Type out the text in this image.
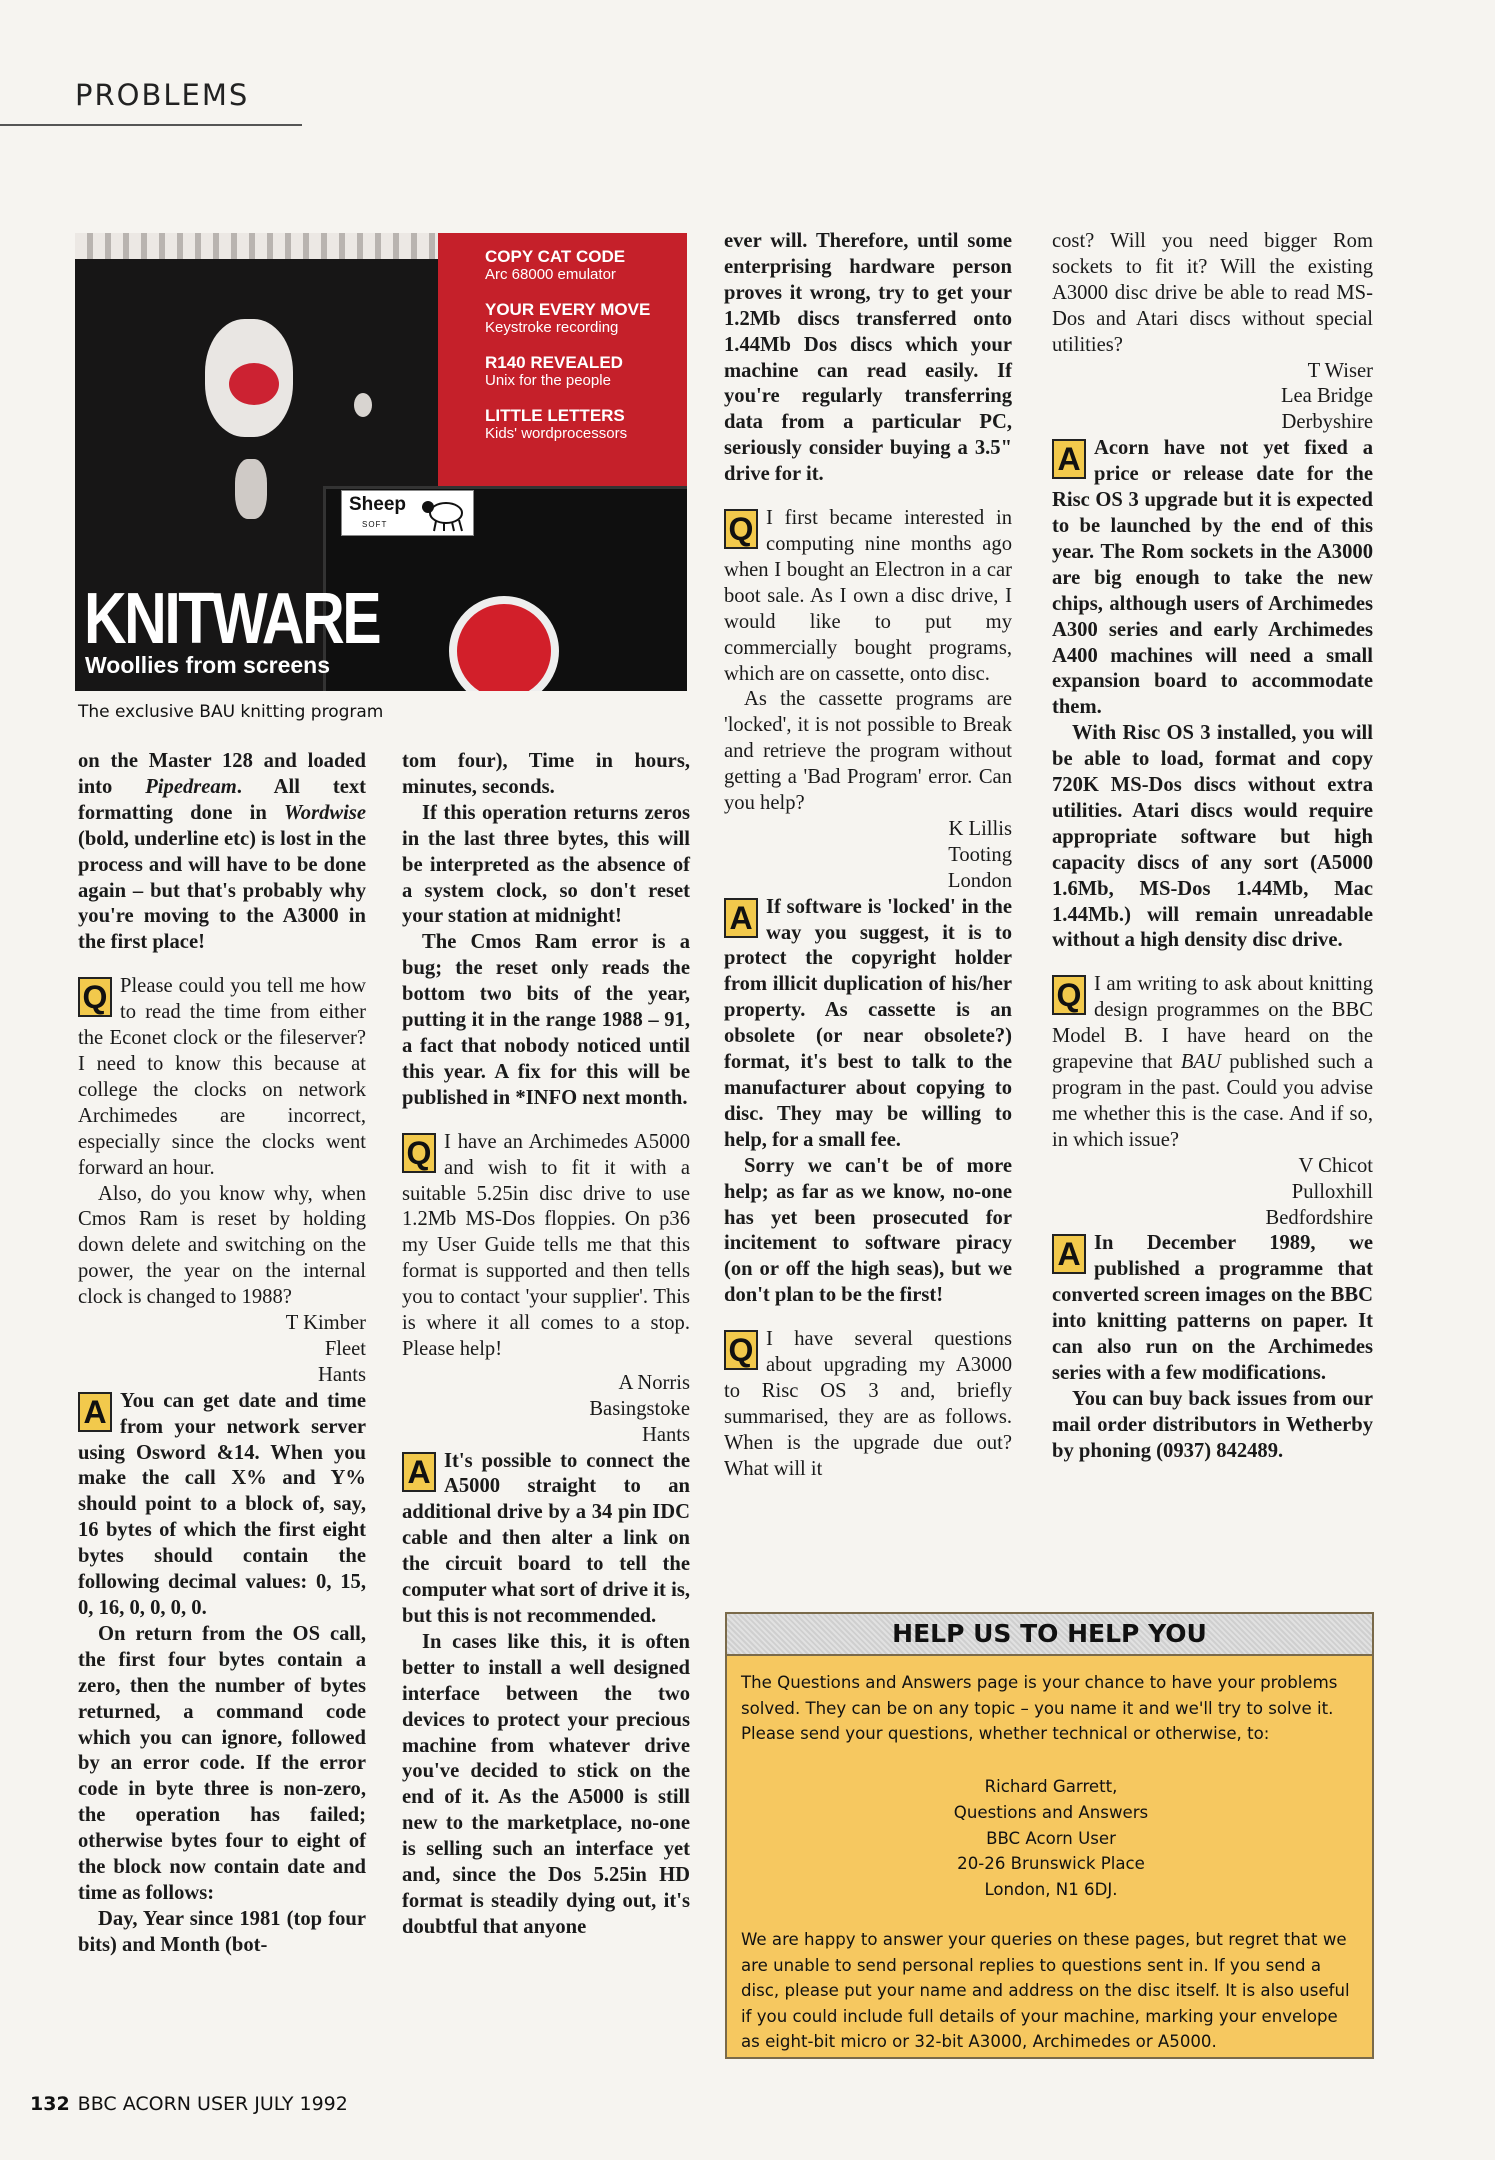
PROBLEMS
COPY CAT CODE
Arc 68000 emulator
YOUR EVERY MOVE
Keystroke recording
R140 REVEALED
Unix for the people
LITTLE LETTERS
Kids' wordprocessors
Sheep
SOFT
KNITWARE
Woollies from screens
The exclusive BAU knitting program

on the Master 128 and loaded into Pipedream. All text formatting done in Wordwise (bold, underline etc) is lost in the process and will have to be done again – but that's probably why you're moving to the A3000 in the first place!

Q Please could you tell me how to read the time from either the Econet clock or the fileserver? I need to know this because at college the clocks on network Archimedes are incorrect, especially since the clocks went forward an hour.

Also, do you know why, when Cmos Ram is reset by holding down delete and switching on the power, the year on the internal clock is changed to 1988?

T Kimber

Fleet

Hants

A You can get date and time from your network server using Osword &14. When you make the call X% and Y% should point to a block of, say, 16 bytes of which the first eight bytes should contain the following decimal values: 0, 15, 0, 16, 0, 0, 0, 0.

On return from the OS call, the first four bytes contain a zero, then the number of bytes returned, a command code which you can ignore, followed by an error code. If the error code in byte three is non-zero, the operation has failed; otherwise bytes four to eight of the block now contain date and time as follows:

Day, Year since 1981 (top four bits) and Month (bot-

tom four), Time in hours, minutes, seconds.

If this operation returns zeros in the last three bytes, this will be interpreted as the absence of a system clock, so don't reset your station at midnight!

The Cmos Ram error is a bug; the reset only reads the bottom two bits of the year, putting it in the range 1988 – 91, a fact that nobody noticed until this year. A fix for this will be published in *INFO next month.

Q I have an Archimedes A5000 and wish to fit it with a suitable 5.25in disc drive to use 1.2Mb MS-Dos floppies. On p36 my User Guide tells me that this format is supported and then tells you to contact 'your supplier'. This is where it all comes to a stop. Please help!

A Norris

Basingstoke

Hants

A It's possible to connect the A5000 straight to an additional drive by a 34 pin IDC cable and then alter a link on the circuit board to tell the computer what sort of drive it is, but this is not recommended.

In cases like this, it is often better to install a well designed interface between the two devices to protect your precious machine from whatever drive you've decided to stick on the end of it. As the A5000 is still new to the marketplace, no-one is selling such an interface yet and, since the Dos 5.25in HD format is steadily dying out, it's doubtful that anyone

ever will. Therefore, until some enterprising hardware person proves it wrong, try to get your 1.2Mb discs transferred onto 1.44Mb Dos discs which your machine can read easily. If you're regularly transferring data from a particular PC, seriously consider buying a 3.5" drive for it.

Q I first became interested in computing nine months ago when I bought an Electron in a car boot sale. As I own a disc drive, I would like to put my commercially bought programs, which are on cassette, onto disc.

As the cassette programs are 'locked', it is not possible to Break and retrieve the program without getting a 'Bad Program' error. Can you help?

K Lillis

Tooting

London

A If software is 'locked' in the way you suggest, it is to protect the copyright holder from illicit duplication of his/her property. As cassette is an obsolete (or near obsolete?) format, it's best to talk to the manufacturer about copying to disc. They may be willing to help, for a small fee.

Sorry we can't be of more help; as far as we know, no-one has yet been prosecuted for incitement to software piracy (on or off the high seas), but we don't plan to be the first!

Q I have several questions about upgrading my A3000 to Risc OS 3 and, briefly summarised, they are as follows. When is the upgrade due out? What will it

cost? Will you need bigger Rom sockets to fit it? Will the existing A3000 disc drive be able to read MS-Dos and Atari discs without special utilities?

T Wiser

Lea Bridge

Derbyshire

A Acorn have not yet fixed a price or release date for the Risc OS 3 upgrade but it is expected to be launched by the end of this year. The Rom sockets in the A3000 are big enough to take the new chips, although users of Archimedes A300 series and early Archimedes A400 machines will need a small expansion board to accommodate them.

With Risc OS 3 installed, you will be able to load, format and copy 720K MS-Dos discs without extra utilities. Atari discs would require appropriate software but high capacity discs of any sort (A5000 1.6Mb, MS-Dos 1.44Mb, Mac 1.44Mb.) will remain unreadable without a high density disc drive.

Q I am writing to ask about knitting design programmes on the BBC Model B. I have heard on the grapevine that BAU published such a program in the past. Could you advise me whether this is the case. And if so, in which issue?

V Chicot

Pulloxhill

Bedfordshire

A In December 1989, we published a programme that converted screen images on the BBC into knitting patterns on paper. It can also run on the Archimedes series with a few modifications.

You can buy back issues from our mail order distributors in Wetherby by phoning (0937) 842489.

HELP US TO HELP YOU
The Questions and Answers page is your chance to have your problems solved. They can be on any topic – you name it and we'll try to solve it. Please send your questions, whether technical or otherwise, to:
Richard Garrett,
Questions and Answers
BBC Acorn User
20-26 Brunswick Place
London, N1 6DJ.
We are happy to answer your queries on these pages, but regret that we are unable to send personal replies to questions sent in. If you send a disc, please put your name and address on the disc itself. It is also useful if you could include full details of your machine, marking your envelope as eight-bit micro or 32-bit A3000, Archimedes or A5000.
132 BBC ACORN USER JULY 1992
